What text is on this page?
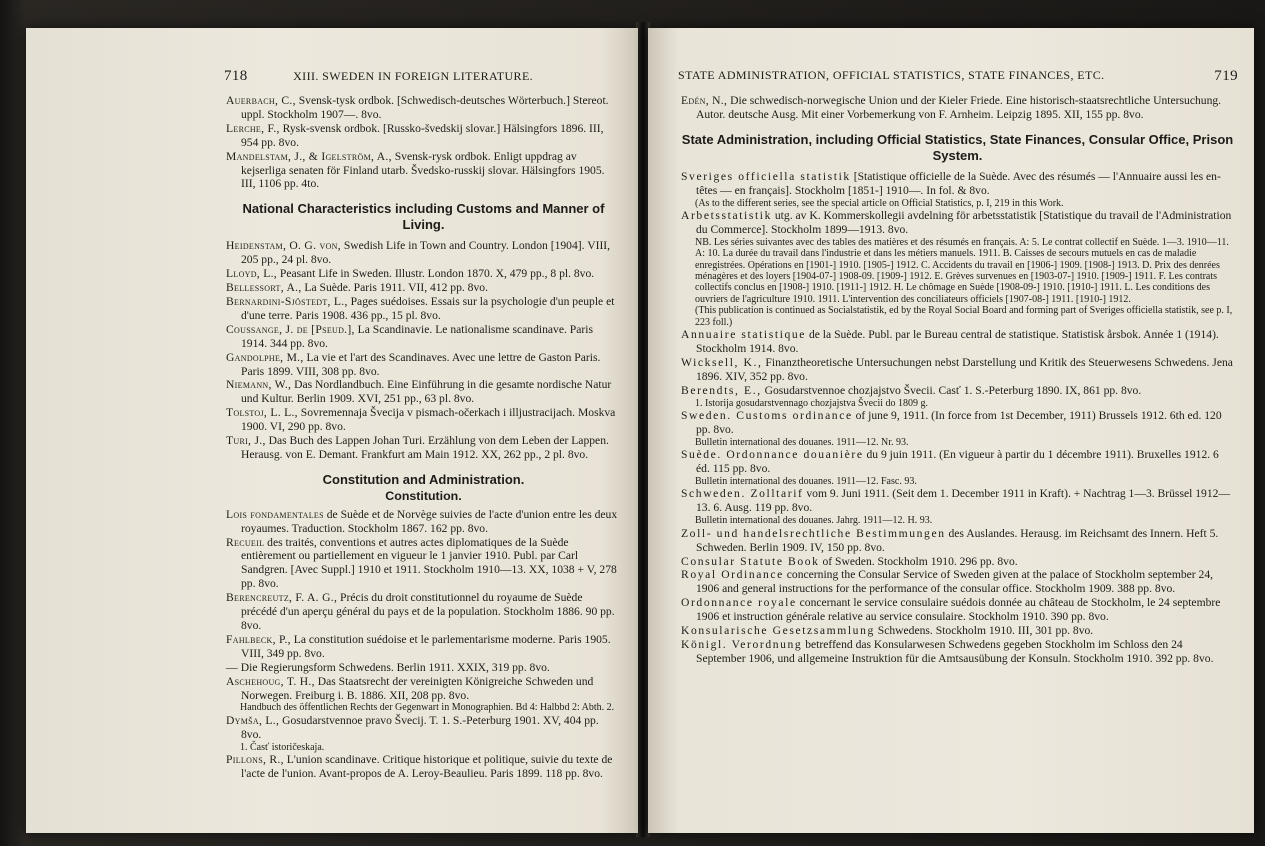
718	XIII. SWEDEN IN FOREIGN LITERATURE.

Auerbach, C., Svensk-tysk ordbok. [Schwedisch-deutsches Wörterbuch.] Stereot. uppl. Stockholm 1907—. 8vo.

Lerche, F., Rysk-svensk ordbok. [Russko-švedskij slovar.] Hälsingfors 1896. III, 954 pp. 8vo.

Mandelstam, J., & Igelström, A., Svensk-rysk ordbok. Enligt uppdrag av kejserliga senaten för Finland utarb. Švedsko-russkij slovar. Hälsingfors 1905. III, 1106 pp. 4to.

National Characteristics including Customs and Manner of Living.

Heidenstam, O. G. von, Swedish Life in Town and Country. London [1904]. VIII, 205 pp., 24 pl. 8vo.

Lloyd, L., Peasant Life in Sweden. Illustr. London 1870. X, 479 pp., 8 pl. 8vo.

Bellessort, A., La Suède. Paris 1911. VII, 412 pp. 8vo.

Bernardini-Sjöstedt, L., Pages suédoises. Essais sur la psychologie d'un peuple et d'une terre. Paris 1908. 436 pp., 15 pl. 8vo.

Coussange, J. de [Pseud.], La Scandinavie. Le nationalisme scandinave. Paris 1914. 344 pp. 8vo.

Gandolphe, M., La vie et l'art des Scandinaves. Avec une lettre de Gaston Paris. Paris 1899. VIII, 308 pp. 8vo.

Niemann, W., Das Nordlandbuch. Eine Einführung in die gesamte nordische Natur und Kultur. Berlin 1909. XVI, 251 pp., 63 pl. 8vo.

Tolstoj, L. L., Sovremennaja Švecija v pismach-očerkach i illjustracijach. Moskva 1900. VI, 290 pp. 8vo.

Turi, J., Das Buch des Lappen Johan Turi. Erzählung von dem Leben der Lappen. Herausg. von E. Demant. Frankfurt am Main 1912. XX, 262 pp., 2 pl. 8vo.

Constitution and Administration.
Constitution.

Lois fondamentales de Suède et de Norvège suivies de l'acte d'union entre les deux royaumes. Traduction. Stockholm 1867. 162 pp. 8vo.

Recueil des traités, conventions et autres actes diplomatiques de la Suède entièrement ou partiellement en vigueur le 1 janvier 1910. Publ. par Carl Sandgren. [Avec Suppl.] 1910 et 1911. Stockholm 1910—13. XX, 1038 + V, 278 pp. 8vo.

Berencreutz, F. A. G., Précis du droit constitutionnel du royaume de Suède précédé d'un aperçu général du pays et de la population. Stockholm 1886. 90 pp. 8vo.

Fahlbeck, P., La constitution suédoise et le parlementarisme moderne. Paris 1905. VIII, 349 pp. 8vo.

— Die Regierungsform Schwedens. Berlin 1911. XXIX, 319 pp. 8vo.

Aschehoug, T. H., Das Staatsrecht der vereinigten Königreiche Schweden und Norwegen. Freiburg i. B. 1886. XII, 208 pp. 8vo.

Handbuch des öffentlichen Rechts der Gegenwart in Monographien. Bd 4: Halbbd 2: Abth. 2.

Dymša, L., Gosudarstvennoe pravo Švecij. T. 1. S.-Peterburg 1901. XV, 404 pp. 8vo.

1. Časť istoričeskaja.

Pillons, R., L'union scandinave. Critique historique et politique, suivie du texte de l'acte de l'union. Avant-propos de A. Leroy-Beaulieu. Paris 1899. 118 pp. 8vo.

STATE ADMINISTRATION, OFFICIAL STATISTICS, STATE FINANCES, ETC.	719

Edén, N., Die schwedisch-norwegische Union und der Kieler Friede. Eine historisch-staatsrechtliche Untersuchung. Autor. deutsche Ausg. Mit einer Vorbemerkung von F. Arnheim. Leipzig 1895. XII, 155 pp. 8vo.

State Administration, including Official Statistics, State Finances, Consular Office, Prison System.

Sveriges officiella statistik [Statistique officielle de la Suède. Avec des résumés — l'Annuaire aussi les en-têtes — en français]. Stockholm [1851-] 1910—. In fol. & 8vo.

(As to the different series, see the special article on Official Statistics, p. I, 219 in this Work.

Arbetsstatistik utg. av K. Kommerskollegii avdelning för arbetsstatistik [Statistique du travail de l'Administration du Commerce]. Stockholm 1899—1913. 8vo.

NB. Les séries suivantes avec des tables des matières et des résumés en français. A: 5. Le contrat collectif en Suède. 1—3. 1910—11. A: 10. La durée du travail dans l'industrie et dans les métiers manuels. 1911. B. Caisses de secours mutuels en cas de maladie enregistrées. Opérations en [1901-] 1910. [1905-] 1912. C. Accidents du travail en [1906-] 1909. [1908-] 1913. D. Prix des denrées ménagères et des loyers [1904-07-] 1908-09. [1909-] 1912. E. Grèves survenues en [1903-07-] 1910. [1909-] 1911. F. Les contrats collectifs conclus en [1908-] 1910. [1911-] 1912. H. Le chômage en Suède [1908-09-] 1910. [1910-] 1911. L. Les conditions des ouvriers de l'agriculture 1910. 1911. L'intervention des conciliateurs officiels [1907-08-] 1911. [1910-] 1912.

(This publication is continued as Socialstatistik, ed by the Royal Social Board and forming part of Sveriges officiella statistik, see p. I, 223 foll.)

Annuaire statistique de la Suède. Publ. par le Bureau central de statistique. Statistisk årsbok. Année 1 (1914). Stockholm 1914. 8vo.

Wicksell, K., Finanztheoretische Untersuchungen nebst Darstellung und Kritik des Steuerwesens Schwedens. Jena 1896. XIV, 352 pp. 8vo.

Berendts, E., Gosudarstvennoe chozjajstvo Švecii. Casť 1. S.-Peterburg 1890. IX, 861 pp. 8vo.

1. Istorija gosudarstvennago chozjajstva Švecii do 1809 g.

Sweden. Customs ordinance of june 9, 1911. (In force from 1st December, 1911) Brussels 1912. 6th ed. 120 pp. 8vo.

Bulletin international des douanes. 1911—12. Nr. 93.

Suède. Ordonnance douanière du 9 juin 1911. (En vigueur à partir du 1 décembre 1911). Bruxelles 1912. 6 éd. 115 pp. 8vo.

Bulletin international des douanes. 1911—12. Fasc. 93.

Schweden. Zolltarif vom 9. Juni 1911. (Seit dem 1. December 1911 in Kraft). + Nachtrag 1—3. Brüssel 1912—13. 6. Ausg. 119 pp. 8vo.

Bulletin international des douanes. Jahrg. 1911—12. H. 93.

Zoll- und handelsrechtliche Bestimmungen des Auslandes. Herausg. im Reichsamt des Innern. Heft 5. Schweden. Berlin 1909. IV, 150 pp. 8vo.

Consular Statute Book of Sweden. Stockholm 1910. 296 pp. 8vo.

Royal Ordinance concerning the Consular Service of Sweden given at the palace of Stockholm september 24, 1906 and general instructions for the performance of the consular office. Stockholm 1909. 388 pp. 8vo.

Ordonnance royale concernant le service consulaire suédois donnée au château de Stockholm, le 24 septembre 1906 et instruction générale relative au service consulaire. Stockholm 1910. 390 pp. 8vo.

Konsularische Gesetzsammlung Schwedens. Stockholm 1910. III, 301 pp. 8vo.

Königl. Verordnung betreffend das Konsularwesen Schwedens gegeben Stockholm im Schloss den 24 September 1906, und allgemeine Instruktion für die Amtsausübung der Konsuln. Stockholm 1910. 392 pp. 8vo.
